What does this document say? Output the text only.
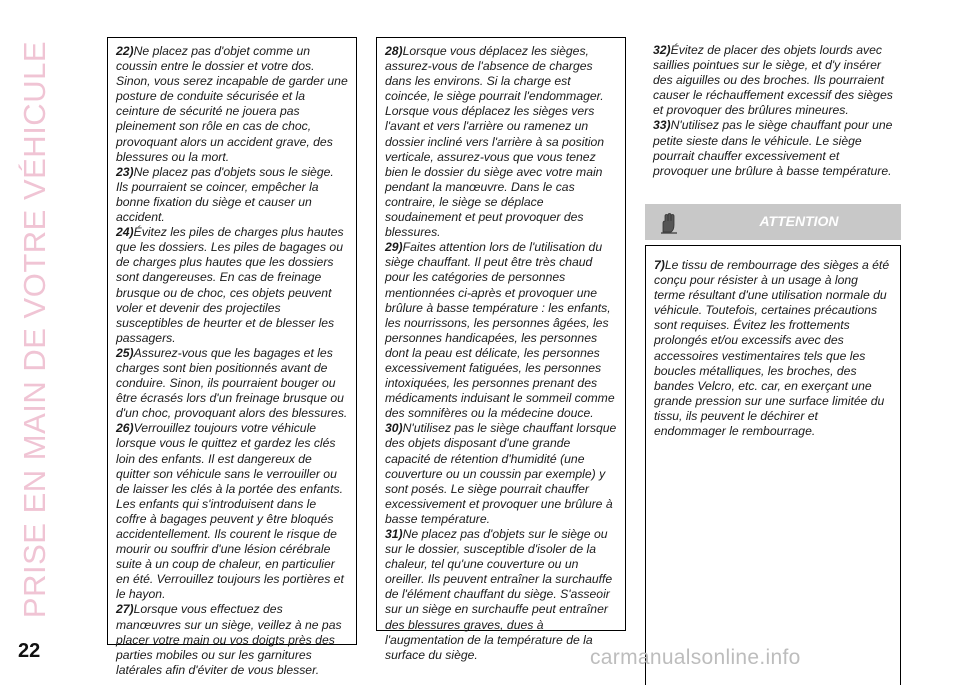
PRISE EN MAIN DE VOTRE VÉHICULE	22)Ne placez pas d'objet comme un coussin entre le dossier et votre dos. Sinon, vous serez incapable de garder une posture de conduite sécurisée et la ceinture de sécurité ne jouera pas pleinement son rôle en cas de choc, provoquant alors un accident grave, des blessures ou la mort.

23)Ne placez pas d'objets sous le siège. Ils pourraient se coincer, empêcher la bonne fixation du siège et causer un accident.

24)Évitez les piles de charges plus hautes que les dossiers. Les piles de bagages ou de charges plus hautes que les dossiers sont dangereuses. En cas de freinage brusque ou de choc, ces objets peuvent voler et devenir des projectiles susceptibles de heurter et de blesser les passagers.

25)Assurez-vous que les bagages et les charges sont bien positionnés avant de conduire. Sinon, ils pourraient bouger ou être écrasés lors d'un freinage brusque ou d'un choc, provoquant alors des blessures.

26)Verrouillez toujours votre véhicule lorsque vous le quittez et gardez les clés loin des enfants. Il est dangereux de quitter son véhicule sans le verrouiller ou de laisser les clés à la portée des enfants. Les enfants qui s'introduisent dans le coffre à bagages peuvent y être bloqués accidentellement. Ils courent le risque de mourir ou souffrir d'une lésion cérébrale suite à un coup de chaleur, en particulier en été. Verrouillez toujours les portières et le hayon.

27)Lorsque vous effectuez des manœuvres sur un siège, veillez à ne pas placer votre main ou vos doigts près des parties mobiles ou sur les garnitures latérales afin d'éviter de vous blesser.

28)Lorsque vous déplacez les sièges, assurez-vous de l'absence de charges dans les environs. Si la charge est coincée, le siège pourrait l'endommager. Lorsque vous déplacez les sièges vers l'avant et vers l'arrière ou ramenez un dossier incliné vers l'arrière à sa position verticale, assurez-vous que vous tenez bien le dossier du siège avec votre main pendant la manœuvre. Dans le cas contraire, le siège se déplace soudainement et peut provoquer des blessures.

29)Faites attention lors de l'utilisation du siège chauffant. Il peut être très chaud pour les catégories de personnes mentionnées ci-après et provoquer une brûlure à basse température : les enfants, les nourrissons, les personnes âgées, les personnes handicapées, les personnes dont la peau est délicate, les personnes excessivement fatiguées, les personnes intoxiquées, les personnes prenant des médicaments induisant le sommeil comme des somnifères ou la médecine douce.

30)N'utilisez pas le siège chauffant lorsque des objets disposant d'une grande capacité de rétention d'humidité (une couverture ou un coussin par exemple) y sont posés. Le siège pourrait chauffer excessivement et provoquer une brûlure à basse température.

31)Ne placez pas d'objets sur le siège ou sur le dossier, susceptible d'isoler de la chaleur, tel qu'une couverture ou un oreiller. Ils peuvent entraîner la surchauffe de l'élément chauffant du siège. S'asseoir sur un siège en surchauffe peut entraîner des blessures graves, dues à l'augmentation de la température de la surface du siège.

32)Évitez de placer des objets lourds avec saillies pointues sur le siège, et d'y insérer des aiguilles ou des broches. Ils pourraient causer le réchauffement excessif des sièges et provoquer des brûlures mineures.

33)N'utilisez pas le siège chauffant pour une petite sieste dans le véhicule. Le siège pourrait chauffer excessivement et provoquer une brûlure à basse température.

ATTENTION

7)Le tissu de rembourrage des sièges a été conçu pour résister à un usage à long terme résultant d'une utilisation normale du véhicule. Toutefois, certaines précautions sont requises. Évitez les frottements prolongés et/ou excessifs avec des accessoires vestimentaires tels que les boucles métalliques, les broches, des bandes Velcro, etc. car, en exerçant une grande pression sur une surface limitée du tissu, ils peuvent le déchirer et endommager le rembourrage.

22	carmanualsonline.info
